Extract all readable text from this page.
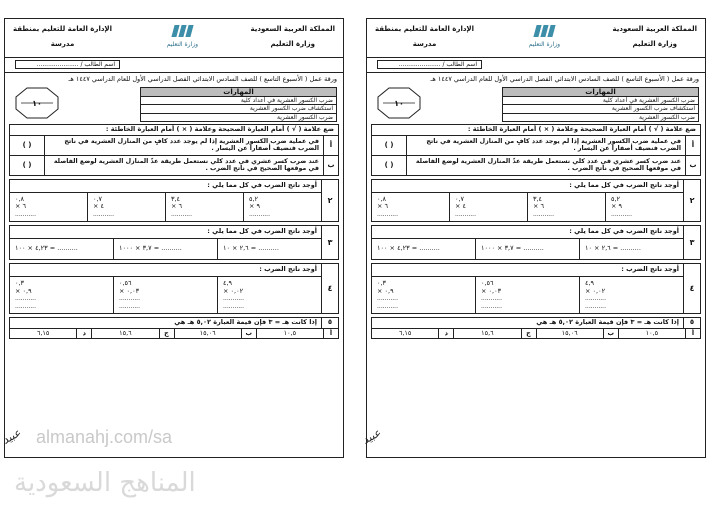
المملكة العربية السعودية
وزارة التعليم
وزارة التعليم
الإدارة العامة للتعليم بمنطقة
مدرسة
اسم الطالب / ......................
ورقة عمل ( الأسبوع التاسع ) للصف السادس الابتدائي الفصل الدراسي الأول للعام الدراسي ١٤٤٧ هـ
المهارات
ضرب الكسور العشرية في أعداد كلية
استكشاف ضرب الكسور العشرية
ضرب الكسور العشرية
١٠
ضع علامة ( √ ) أمام العبارة الصحيحة وعلامة ( × ) أمام العبارة الخاطئة :
أ
في عملية ضرب الكسور العشرية إذا لم يوجد عدد كافٍ من المنازل العشرية في ناتج الضرب فنضيف أصفاراً عن اليسار .
( )
ب
عند ضرب كسر عشري في عدد كلي نستعمل طريقة عدّ المنازل العشرية لوضع الفاصلة في موقعها الصحيح في ناتج الضرب .
( )
٢
أوجد ناتج الضرب في كل مما يلي :
٥,٢
× ٩
...........
٣,٤
× ٦
...........
٠,٧
× ٤
...........
٠,٨
× ٦
...........
٣
أوجد ناتج الضرب في كل مما يلي :
٢,٦ × ١٠ = ..........
٣,٧ × ١٠٠٠ = ..........
٤,٢٣ × ١٠٠ = ..........
٤
أوجد ناتج الضرب :
٤,٩
× ٠,٠٢
...........
...........
٠,٥٦
× ٠,٠٣
...........
...........
٠,٣
× ٠,٩
...........
...........
٥
إذا كانت هـ = ٣ فإن قيمة العبارة ٥,٠٢ هـ هي
أ
١٠,٥
ب
١٥,٠٦
ج
١٥,٦
د
٦,١٥
المملكة العربية السعودية
وزارة التعليم
وزارة التعليم
الإدارة العامة للتعليم بمنطقة
مدرسة
اسم الطالب / ......................
ورقة عمل ( الأسبوع التاسع ) للصف السادس الابتدائي الفصل الدراسي الأول للعام الدراسي ١٤٤٧ هـ
المهارات
ضرب الكسور العشرية في أعداد كلية
استكشاف ضرب الكسور العشرية
ضرب الكسور العشرية
١٠
ضع علامة ( √ ) أمام العبارة الصحيحة وعلامة ( × ) أمام العبارة الخاطئة :
أ
في عملية ضرب الكسور العشرية إذا لم يوجد عدد كافٍ من المنازل العشرية في ناتج الضرب فنضيف أصفاراً عن اليسار .
( )
ب
عند ضرب كسر عشري في عدد كلي نستعمل طريقة عدّ المنازل العشرية لوضع الفاصلة في موقعها الصحيح في ناتج الضرب .
( )
٢
أوجد ناتج الضرب في كل مما يلي :
٥,٢
× ٩
...........
٣,٤
× ٦
...........
٠,٧
× ٤
...........
٠,٨
× ٦
...........
٣
أوجد ناتج الضرب في كل مما يلي :
٢,٦ × ١٠ = ..........
٣,٧ × ١٠٠٠ = ..........
٤,٢٣ × ١٠٠ = ..........
٤
أوجد ناتج الضرب :
٤,٩
× ٠,٠٢
...........
...........
٠,٥٦
× ٠,٠٣
...........
...........
٠,٣
× ٠,٩
...........
...........
٥
إذا كانت هـ = ٣ فإن قيمة العبارة ٥,٠٢ هـ هي
أ
١٠,٥
ب
١٥,٠٦
ج
١٥,٦
د
٦,١٥
عبيد	عبيد
almanahj.com/sa
المناهج السعودية
